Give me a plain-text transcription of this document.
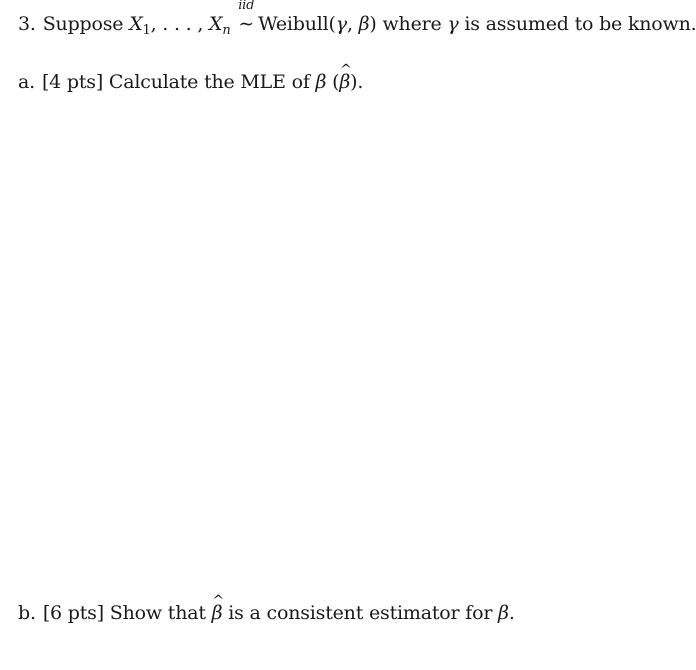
3. Suppose $X_1$, . . . , $X_n$
iid
∼ Weibull(γ, β) where γ is assumed to be known.
a. [4 pts] Calculate the MLE of β (^ β).
b. [6 pts] Show that ^ β is a consistent estimator for β.
